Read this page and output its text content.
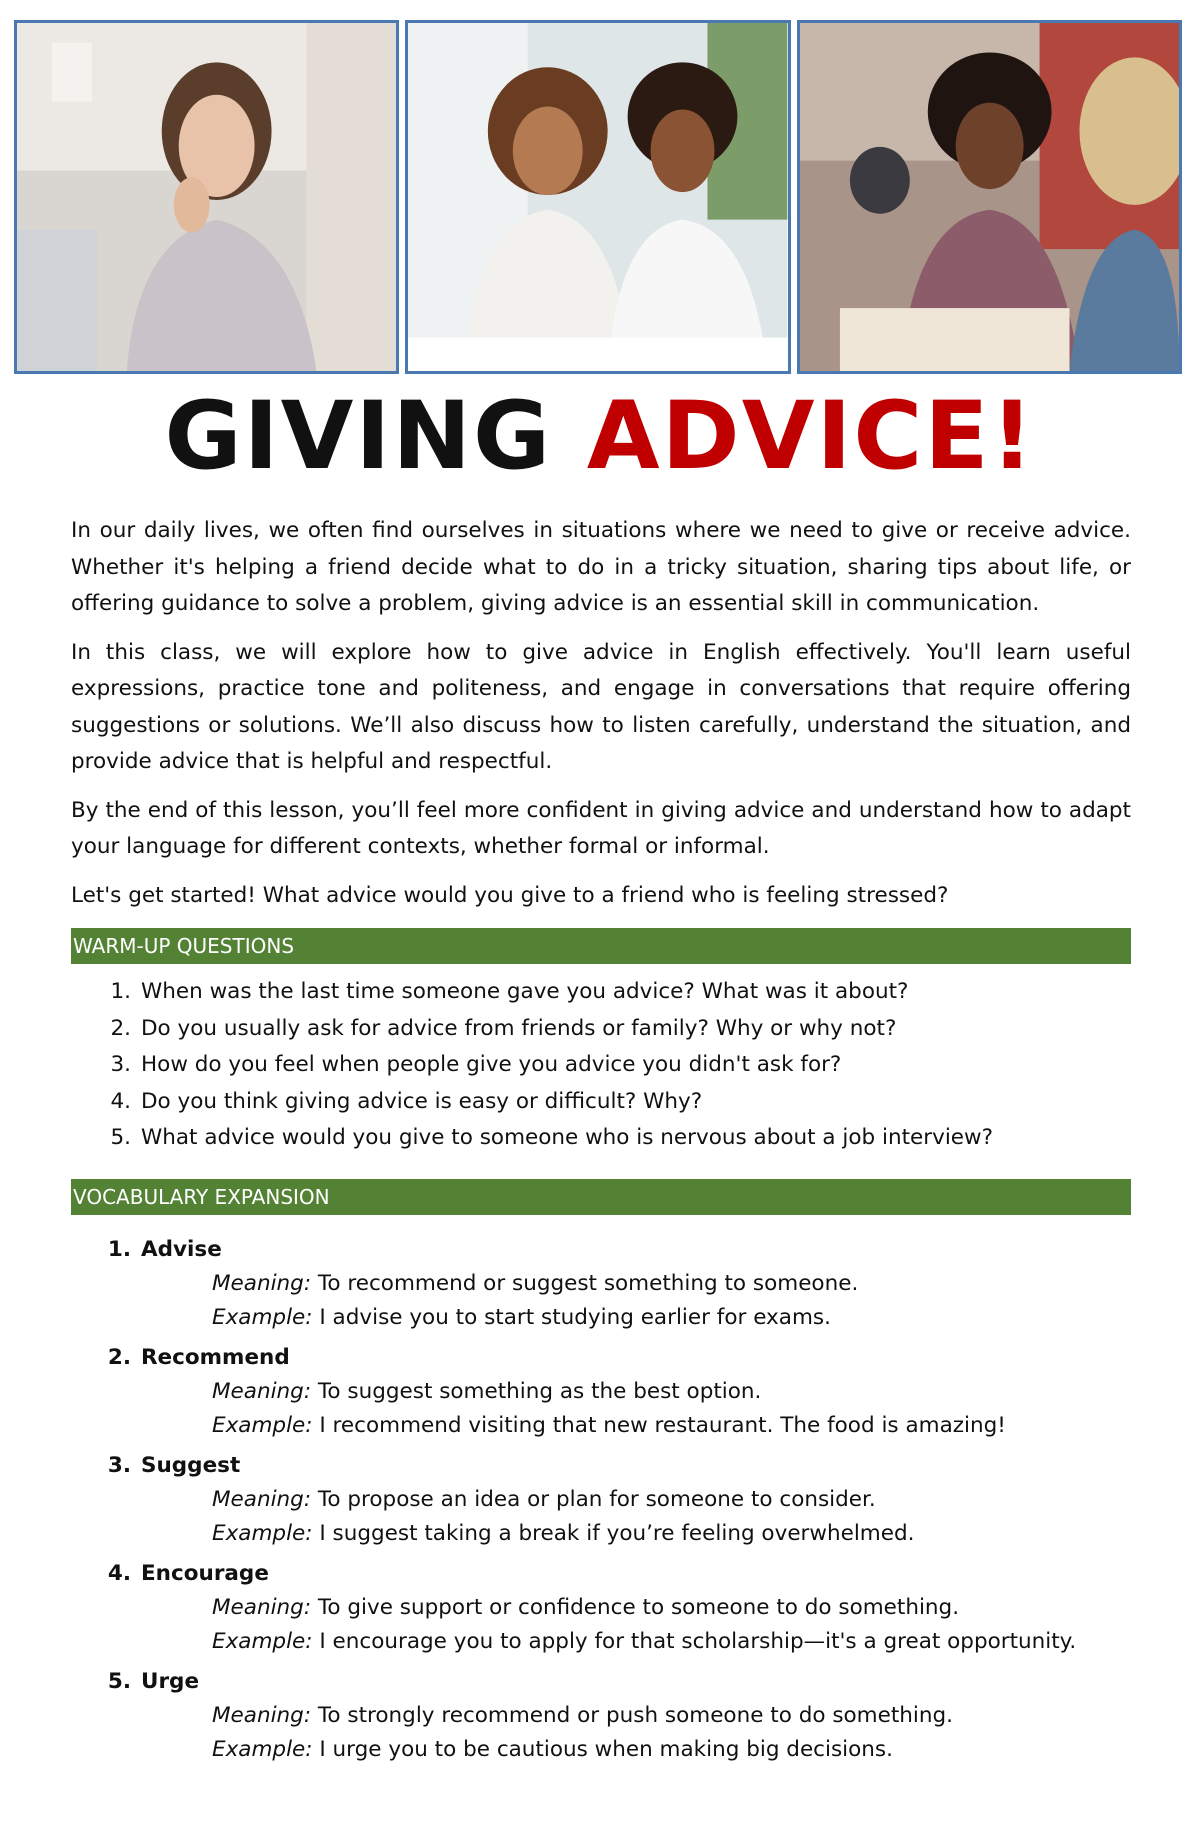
GIVING ADVICE!

In our daily lives, we often find ourselves in situations where we need to give or receive advice. Whether it's helping a friend decide what to do in a tricky situation, sharing tips about life, or offering guidance to solve a problem, giving advice is an essential skill in communication.

In this class, we will explore how to give advice in English effectively. You'll learn useful expressions, practice tone and politeness, and engage in conversations that require offering suggestions or solutions. We’ll also discuss how to listen carefully, understand the situation, and provide advice that is helpful and respectful.

By the end of this lesson, you’ll feel more confident in giving advice and understand how to adapt your language for different contexts, whether formal or informal.

Let's get started! What advice would you give to a friend who is feeling stressed?

WARM-UP QUESTIONS
1. When was the last time someone gave you advice? What was it about?
2. Do you usually ask for advice from friends or family? Why or why not?
3. How do you feel when people give you advice you didn't ask for?
4. Do you think giving advice is easy or difficult? Why?
5. What advice would you give to someone who is nervous about a job interview?
VOCABULARY EXPANSION
1. Advise
Meaning: To recommend or suggest something to someone.
Example: I advise you to start studying earlier for exams.
2. Recommend
Meaning: To suggest something as the best option.
Example: I recommend visiting that new restaurant. The food is amazing!
3. Suggest
Meaning: To propose an idea or plan for someone to consider.
Example: I suggest taking a break if you’re feeling overwhelmed.
4. Encourage
Meaning: To give support or confidence to someone to do something.
Example: I encourage you to apply for that scholarship—it's a great opportunity.
5. Urge
Meaning: To strongly recommend or push someone to do something.
Example: I urge you to be cautious when making big decisions.
